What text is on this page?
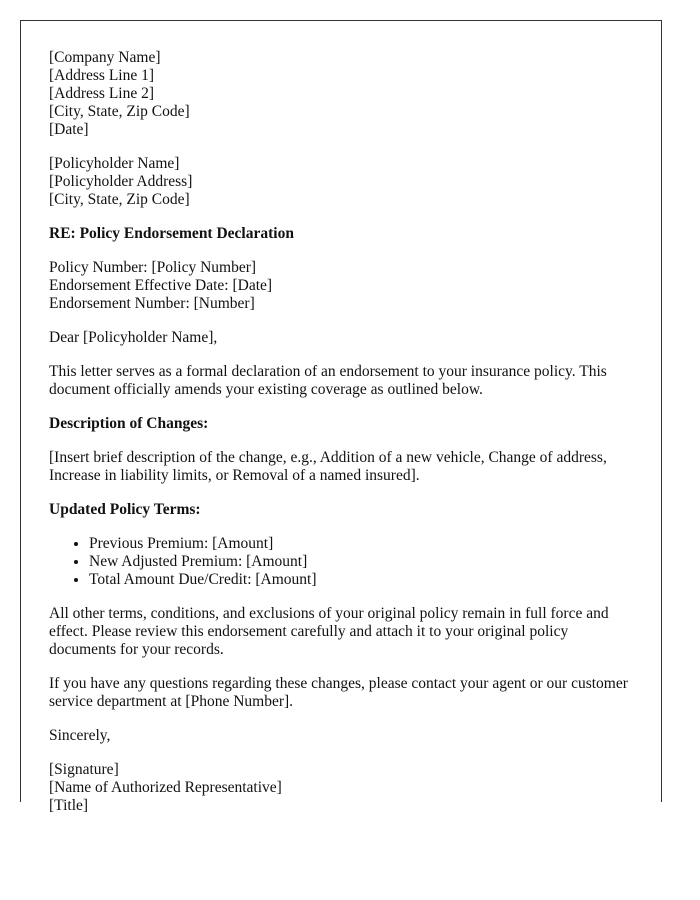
[Company Name]
[Address Line 1]
[Address Line 2]
[City, State, Zip Code]
[Date]

[Policyholder Name]
[Policyholder Address]
[City, State, Zip Code]

RE: Policy Endorsement Declaration

Policy Number: [Policy Number]
Endorsement Effective Date: [Date]
Endorsement Number: [Number]

Dear [Policyholder Name],

This letter serves as a formal declaration of an endorsement to your insurance policy. This document officially amends your existing coverage as outlined below.

Description of Changes:

[Insert brief description of the change, e.g., Addition of a new vehicle, Change of address, Increase in liability limits, or Removal of a named insured].

Updated Policy Terms:

• Previous Premium: [Amount]
• New Adjusted Premium: [Amount]
• Total Amount Due/Credit: [Amount]

All other terms, conditions, and exclusions of your original policy remain in full force and effect. Please review this endorsement carefully and attach it to your original policy documents for your records.

If you have any questions regarding these changes, please contact your agent or our customer service department at [Phone Number].

Sincerely,

[Signature]
[Name of Authorized Representative]
[Title]
